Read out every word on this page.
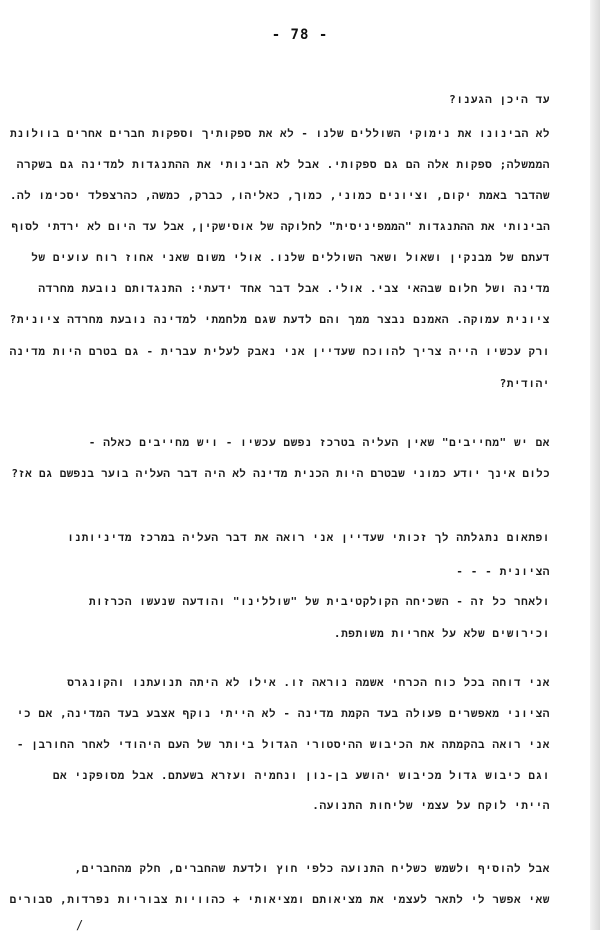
- 78 -

עד היכן הגענו?

לא הבינונו את נימוקי השוללים שלנו - לא את ספקותיך וספקות חברים אחרים בוולונת

הממשלה; ספקות אלה הם גם ספקותי. אבל לא הבינותי את ההתנגדות למדינה גם בשקרה

שהדבר באמת יקום, וציונים כמוני, כמוך, כאליהו, כברק, כמשה, כהרצפלד יסכימו לה.

הבינותי את ההתנגדות "הממפיניסית" לחלוקה של אוסישקין, אבל עד היום לא ירדתי לסוף

דעתם של מבנקין ושאול ושאר השוללים שלנו. אולי משום שאני אחוז רוח עועים של

מדינה ושל חלום שבהאי צבי. אולי. אבל דבר אחד ידעתי: התנגדותם נובעת מחרדה

ציונית עמוקה. האמנם נבצר ממך והם לדעת שגם מלחמתי למדינה נובעת מחרדה ציונית?

ורק עכשיו הייה צריך להווכח שעדיין אני נאבק לעלית עברית - גם בטרם היות מדינה

יהודית?

אם יש "מחייבים" שאין העליה בטרכז נפשם עכשיו - ויש מחייבים כאלה -

כלום אינך יודע כמוני שבטרם היות הכנית מדינה לא היה דבר העליה בוער בנפשם גם אז?

ופתאום נתגלתה לך זכותי שעדיין אני רואה את דבר העליה במרכז מדיניותנו

הציונית - - -

ולאחר כל זה - השכיחה הקולקטיבית של "שוללינו" והודעה שנעשו הכרזות

וכירושים שלא על אחריות משותפת.

אני דוחה בכל כוח הכרחי אשמה נוראה זו. אילו לא היתה תנועתנו והקונגרס

הציוני מאפשרים פעולה בעד הקמת מדינה - לא הייתי נוקף אצבע בעד המדינה, אם כי

אני רואה בהקמתה את הכיבוש ההיסטורי הגדול ביותר של העם היהודי לאחר החורבן -

וגם כיבוש גדול מכיבוש יהושע בן-נון ונחמיה ועזרא בשעתם. אבל מסופקני אם

הייתי לוקח על עצמי שליחות התנועה.

אבל להוסיף ולשמש כשליח התנועה כלפי חוץ ולדעת שהחברים, חלק מהחברים,

שאי אפשר לי לתאר לעצמי את מציאותם ומציאותי + כהוויות צבוריות נפרדות, סבורים

/
